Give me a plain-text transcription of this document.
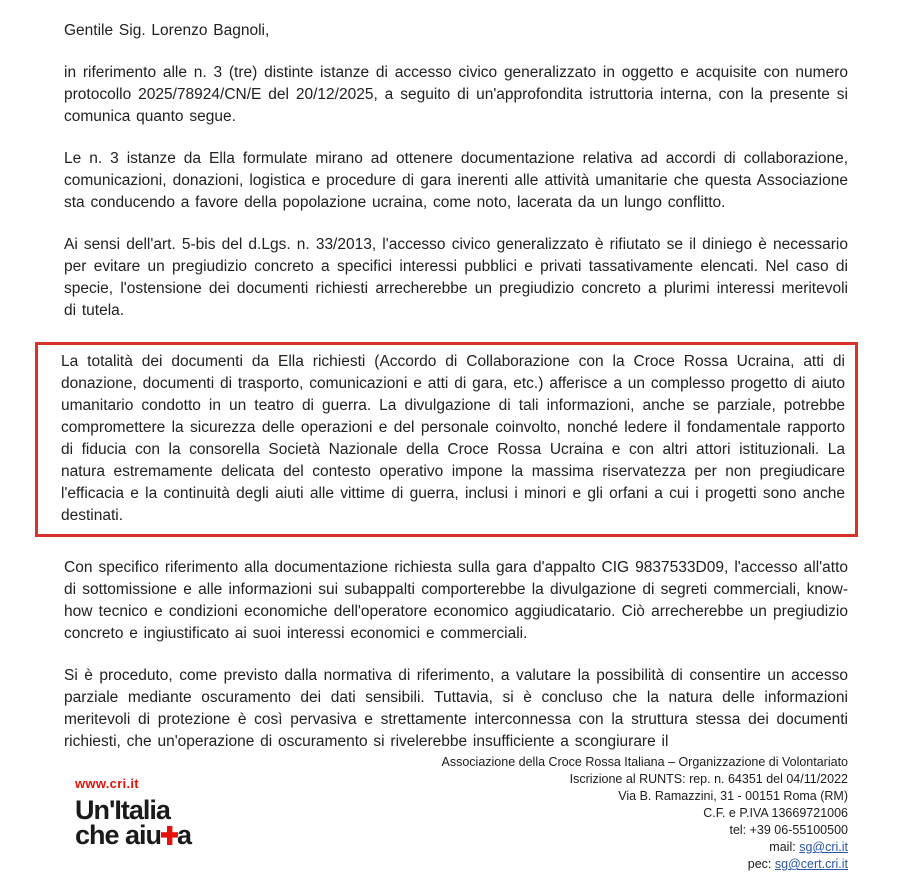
Gentile Sig. Lorenzo Bagnoli,

in riferimento alle n. 3 (tre) distinte istanze di accesso civico generalizzato in oggetto e acquisite con numero protocollo 2025/78924/CN/E del 20/12/2025, a seguito di un'approfondita istruttoria interna, con la presente si comunica quanto segue.

Le n. 3 istanze da Ella formulate mirano ad ottenere documentazione relativa ad accordi di collaborazione, comunicazioni, donazioni, logistica e procedure di gara inerenti alle attività umanitarie che questa Associazione sta conducendo a favore della popolazione ucraina, come noto, lacerata da un lungo conflitto.

Ai sensi dell'art. 5-bis del d.Lgs. n. 33/2013, l'accesso civico generalizzato è rifiutato se il diniego è necessario per evitare un pregiudizio concreto a specifici interessi pubblici e privati tassativamente elencati. Nel caso di specie, l'ostensione dei documenti richiesti arrecherebbe un pregiudizio concreto a plurimi interessi meritevoli di tutela.

La totalità dei documenti da Ella richiesti (Accordo di Collaborazione con la Croce Rossa Ucraina, atti di donazione, documenti di trasporto, comunicazioni e atti di gara, etc.) afferisce a un complesso progetto di aiuto umanitario condotto in un teatro di guerra. La divulgazione di tali informazioni, anche se parziale, potrebbe compromettere la sicurezza delle operazioni e del personale coinvolto, nonché ledere il fondamentale rapporto di fiducia con la consorella Società Nazionale della Croce Rossa Ucraina e con altri attori istituzionali. La natura estremamente delicata del contesto operativo impone la massima riservatezza per non pregiudicare l'efficacia e la continuità degli aiuti alle vittime di guerra, inclusi i minori e gli orfani a cui i progetti sono anche destinati.

Con specifico riferimento alla documentazione richiesta sulla gara d'appalto CIG 9837533D09, l'accesso all'atto di sottomissione e alle informazioni sui subappalti comporterebbe la divulgazione di segreti commerciali, know-how tecnico e condizioni economiche dell'operatore economico aggiudicatario. Ciò arrecherebbe un pregiudizio concreto e ingiustificato ai suoi interessi economici e commerciali.

Si è proceduto, come previsto dalla normativa di riferimento, a valutare la possibilità di consentire un accesso parziale mediante oscuramento dei dati sensibili. Tuttavia, si è concluso che la natura delle informazioni meritevoli di protezione è così pervasiva e strettamente interconnessa con la struttura stessa dei documenti richiesti, che un'operazione di oscuramento si rivelerebbe insufficiente a scongiurare il

www.cri.it
Un'Italia
che aiu a
Associazione della Croce Rossa Italiana – Organizzazione di Volontariato
Iscrizione al RUNTS: rep. n. 64351 del 04/11/2022
Via B. Ramazzini, 31 - 00151 Roma (RM)
C.F. e P.IVA 13669721006
tel: +39 06-55100500
mail: sg@cri.it
pec: sg@cert.cri.it
